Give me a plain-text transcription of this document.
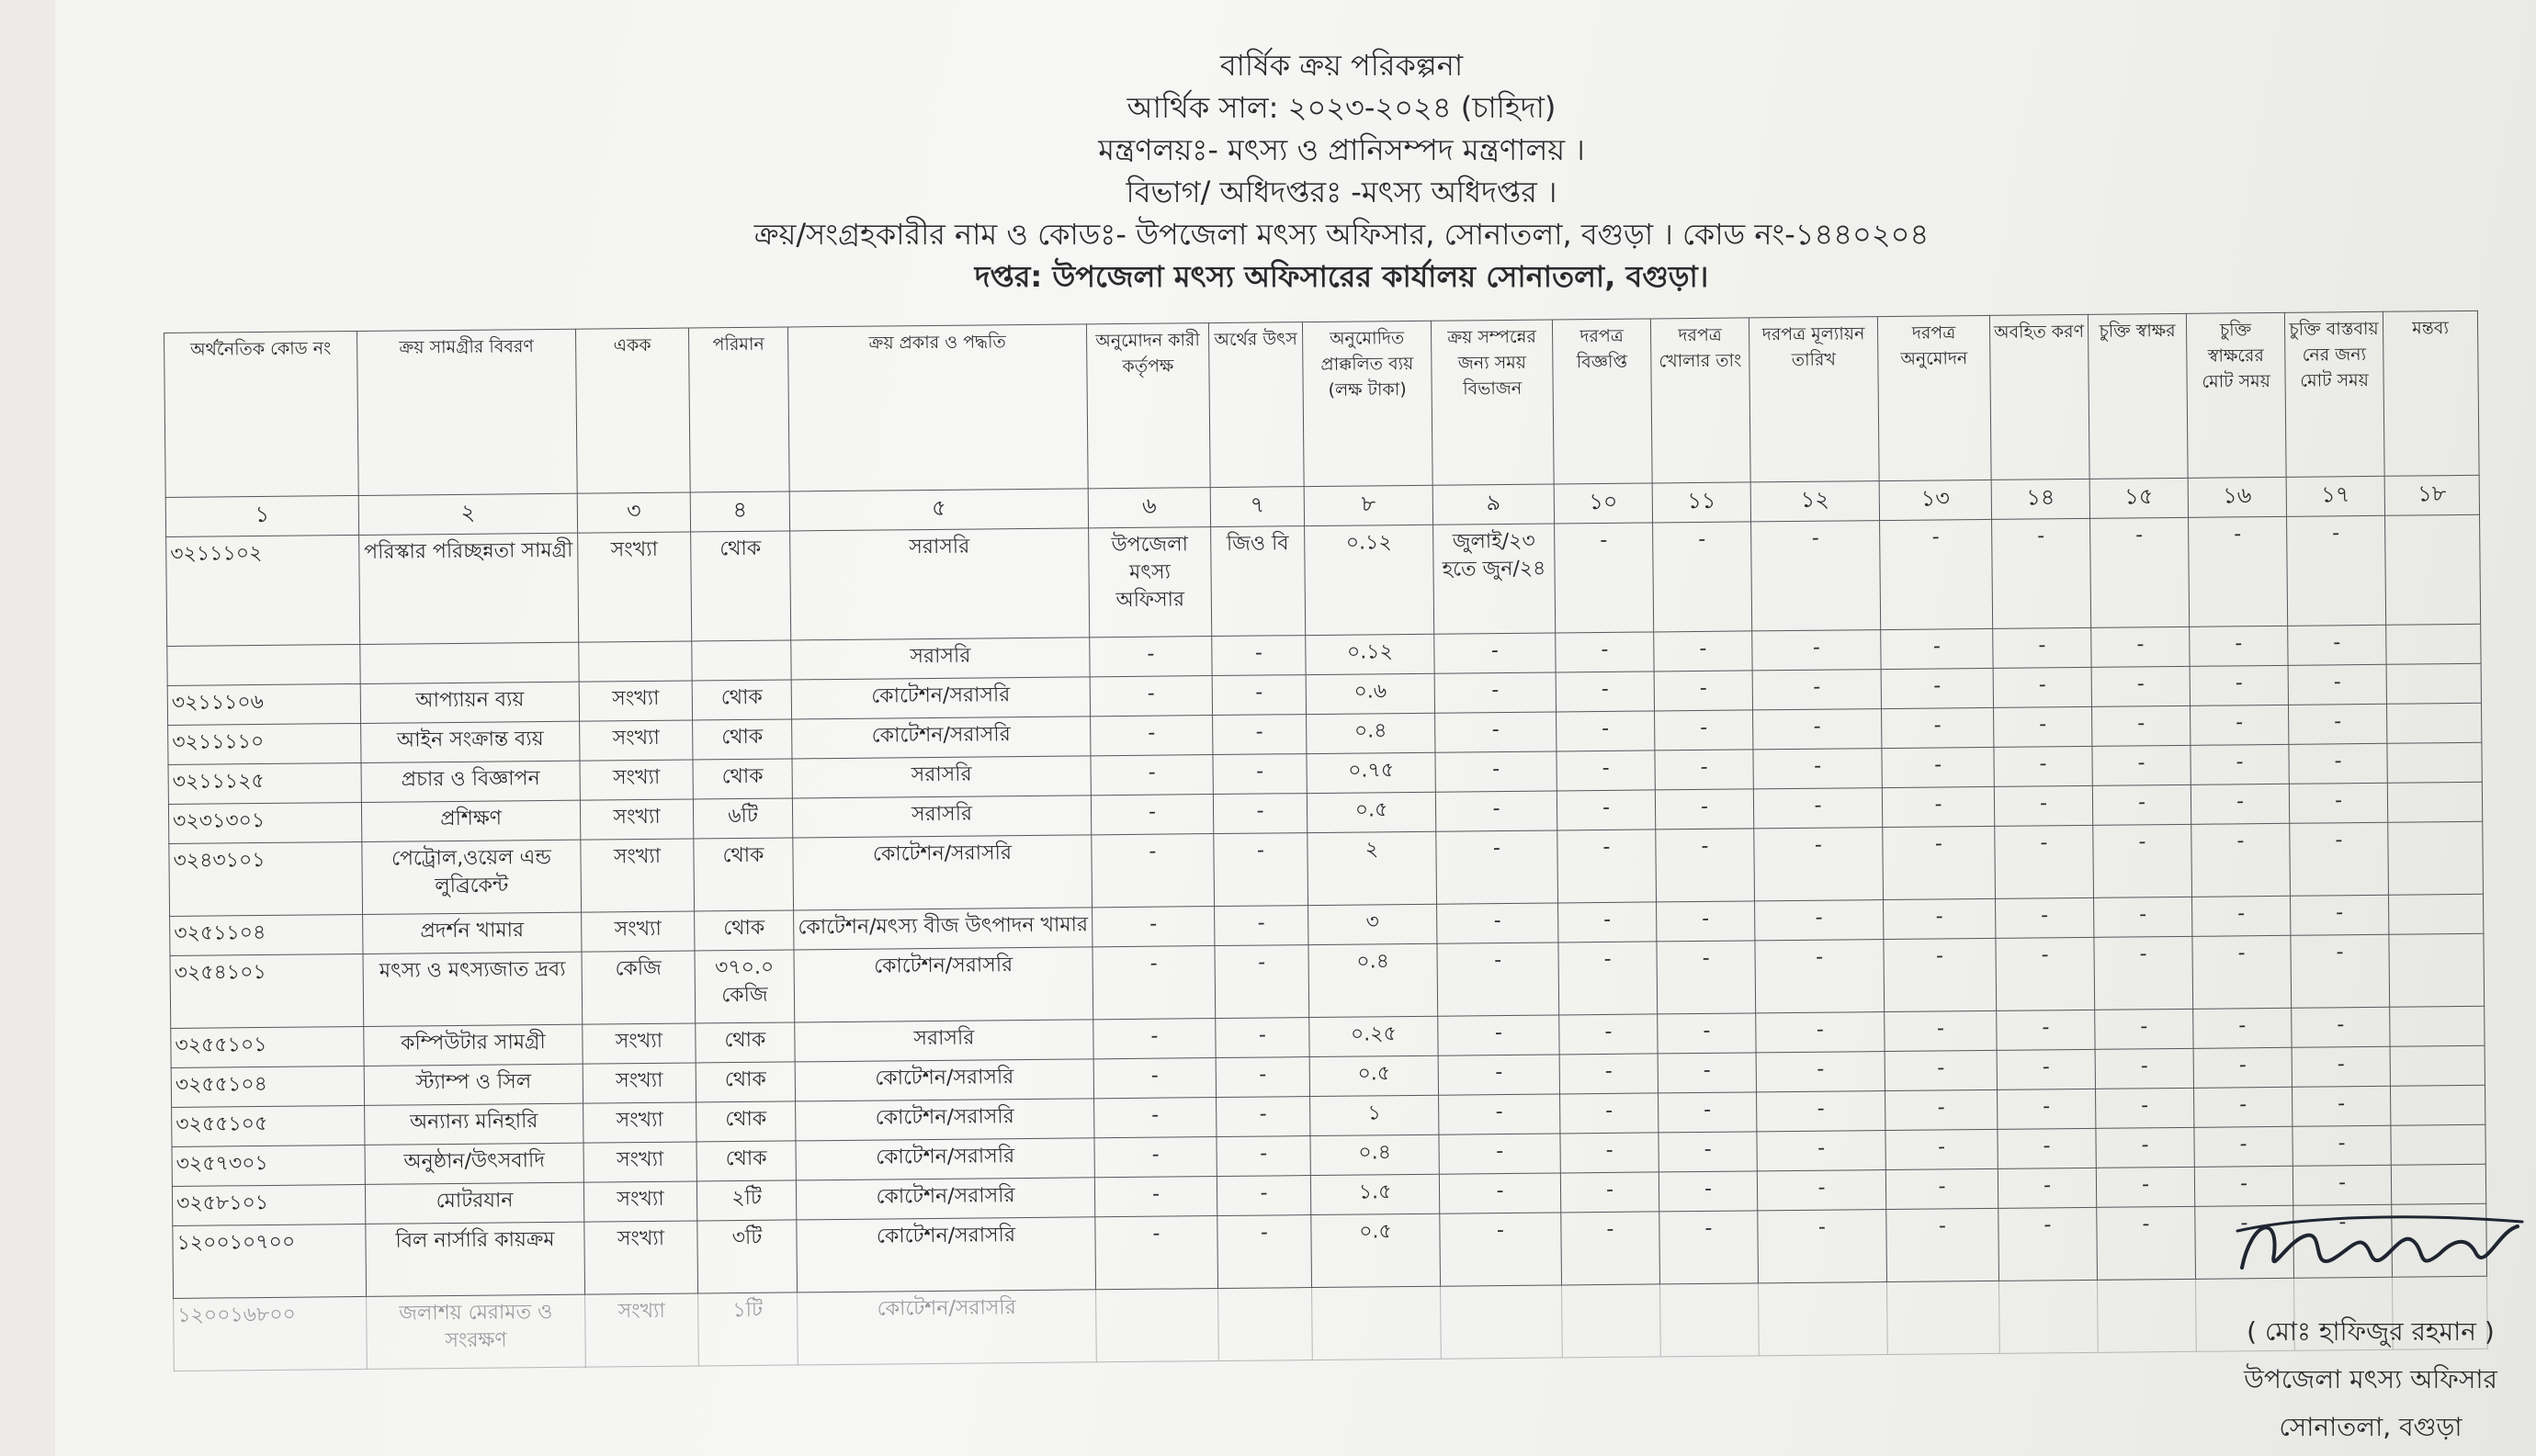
বার্ষিক ক্রয় পরিকল্পনা
আর্থিক সাল: ২০২৩-২০২৪ (চাহিদা)
মন্ত্রণলয়ঃ- মৎস্য ও প্রানিসম্পদ মন্ত্রণালয় ।
বিভাগ/ অধিদপ্তরঃ -মৎস্য অধিদপ্তর ।
ক্রয়/সংগ্রহকারীর নাম ও কোডঃ- উপজেলা মৎস্য অফিসার, সোনাতলা, বগুড়া । কোড নং-১৪৪০২০৪
দপ্তর: উপজেলা মৎস্য অফিসারের কার্যালয় সোনাতলা, বগুড়া।
অর্থনৈতিক কোড নং	ক্রয় সামগ্রীর বিবরণ	একক	পরিমান	ক্রয় প্রকার ও পদ্ধতি	অনুমোদন কারী কর্তৃপক্ষ	অর্থের উৎস	অনুমোদিত প্রাক্কলিত ব্যয় (লক্ষ টাকা)	ক্রয় সম্পন্নের জন্য সময় বিভাজন	দরপত্র বিজ্ঞপ্তি	দরপত্র খোলার তাং	দরপত্র মূল্যায়ন তারিখ	দরপত্র অনুমোদন	অবহিত করণ	চুক্তি স্বাক্ষর	চুক্তি স্বাক্ষরের মোট সময়	চুক্তি বাস্তবায় নের জন্য মোট সময়	মন্তব্য
১	২	৩	৪	৫	৬	৭	৮	৯	১০	১১	১২	১৩	১৪	১৫	১৬	১৭	১৮
৩২১১১০২	পরিস্কার পরিচ্ছন্নতা সামগ্রী	সংখ্যা	থোক	সরাসরি	উপজেলা মৎস্য অফিসার	জিও বি	০.১২	জুলাই/২৩ হতে জুন/২৪	-	-	-	-	-	-	-	-	
				সরাসরি	-	-	০.১২	-	-	-	-	-	-	-	-	-	
৩২১১১০৬	আপ্যায়ন ব্যয়	সংখ্যা	থোক	কোটেশন/সরাসরি	-	-	০.৬	-	-	-	-	-	-	-	-	-	
৩২১১১১০	আইন সংক্রান্ত ব্যয়	সংখ্যা	থোক	কোটেশন/সরাসরি	-	-	০.৪	-	-	-	-	-	-	-	-	-	
৩২১১১২৫	প্রচার ও বিজ্ঞাপন	সংখ্যা	থোক	সরাসরি	-	-	০.৭৫	-	-	-	-	-	-	-	-	-	
৩২৩১৩০১	প্রশিক্ষণ	সংখ্যা	৬টি	সরাসরি	-	-	০.৫	-	-	-	-	-	-	-	-	-	
৩২৪৩১০১	পেট্রোল,ওয়েল এন্ড লুব্রিকেন্ট	সংখ্যা	থোক	কোটেশন/সরাসরি	-	-	২	-	-	-	-	-	-	-	-	-	
৩২৫১১০৪	প্রদর্শন খামার	সংখ্যা	থোক	কোটেশন/মৎস্য বীজ উৎপাদন খামার	-	-	৩	-	-	-	-	-	-	-	-	-	
৩২৫৪১০১	মৎস্য ও মৎস্যজাত দ্রব্য	কেজি	৩৭০.০ কেজি	কোটেশন/সরাসরি	-	-	০.৪	-	-	-	-	-	-	-	-	-	
৩২৫৫১০১	কম্পিউটার সামগ্রী	সংখ্যা	থোক	সরাসরি	-	-	০.২৫	-	-	-	-	-	-	-	-	-	
৩২৫৫১০৪	স্ট্যাম্প ও সিল	সংখ্যা	থোক	কোটেশন/সরাসরি	-	-	০.৫	-	-	-	-	-	-	-	-	-	
৩২৫৫১০৫	অন্যান্য মনিহারি	সংখ্যা	থোক	কোটেশন/সরাসরি	-	-	১	-	-	-	-	-	-	-	-	-	
৩২৫৭৩০১	অনুষ্ঠান/উৎসবাদি	সংখ্যা	থোক	কোটেশন/সরাসরি	-	-	০.৪	-	-	-	-	-	-	-	-	-	
৩২৫৮১০১	মোটরযান	সংখ্যা	২টি	কোটেশন/সরাসরি	-	-	১.৫	-	-	-	-	-	-	-	-	-	
১২০০১০৭০০	বিল নার্সারি কায়ক্রম	সংখ্যা	৩টি	কোটেশন/সরাসরি	-	-	০.৫	-	-	-	-	-	-	-	-	-	
১২০০১৬৮০০	জলাশয় মেরামত ও সংরক্ষণ	সংখ্যা	১টি	কোটেশন/সরাসরি													
( মোঃ হাফিজুর রহমান )
উপজেলা মৎস্য অফিসার
সোনাতলা, বগুড়া
